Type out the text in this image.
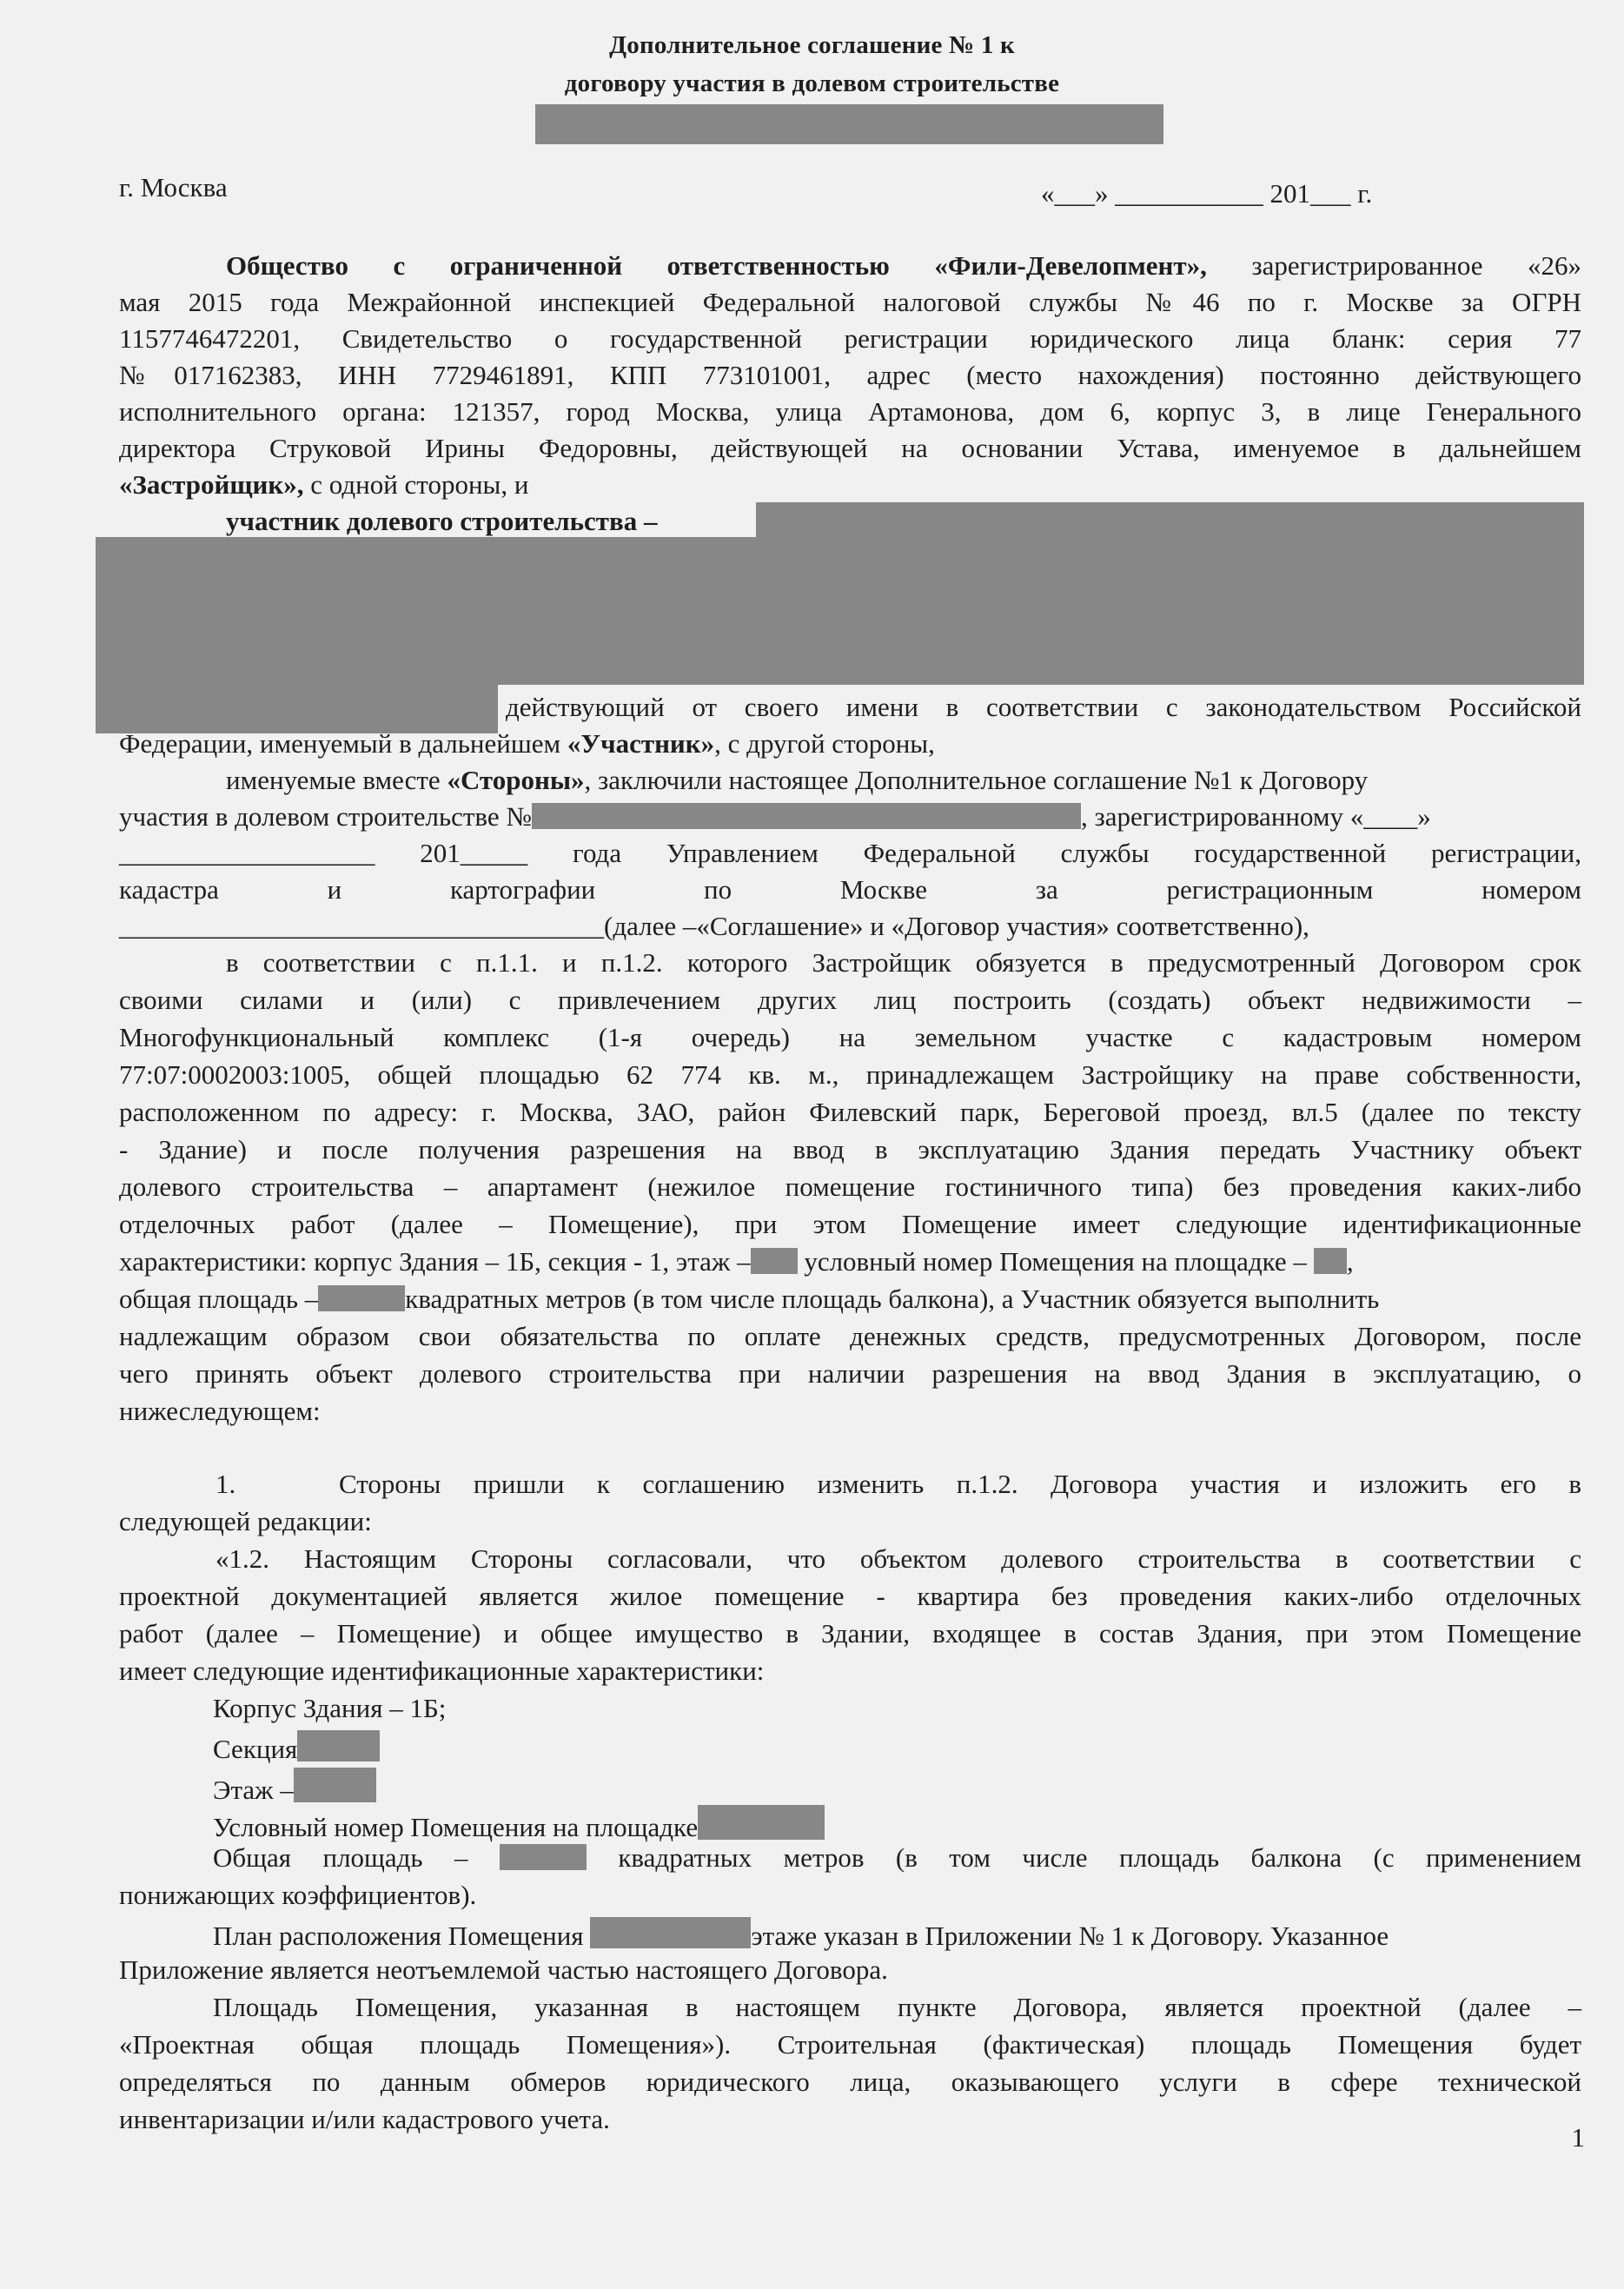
Дополнительное соглашение № 1 к
договору участия в долевом строительстве
г. Москва	«___» ___________ 201___ г.
Общество с ограниченной ответственностью «Фили-Девелопмент», зарегистрированное «26»
мая 2015 года Межрайонной инспекцией Федеральной налоговой службы №46 по г. Москве за ОГРН
1157746472201, Свидетельство о государственной регистрации юридического лица бланк: серия 77
№017162383, ИНН 7729461891, КПП 773101001, адрес (место нахождения) постоянно действующего
исполнительного органа: 121357, город Москва, улица Артамонова, дом 6, корпус 3, в лице Генерального
директора Струковой Ирины Федоровны, действующей на основании Устава, именуемое в дальнейшем
«Застройщик», с одной стороны, и
участник долевого строительства –
действующий от своего имени в соответствии с законодательством Российской
Федерации, именуемый в дальнейшем «Участник», с другой стороны,
именуемые вместе «Стороны», заключили настоящее Дополнительное соглашение №1 к Договору
участия в долевом строительстве №	, зарегистрированному «____»
___________________ 201_____ года Управлением Федеральной службы государственной регистрации,
кадастра и картографии по Москве за регистрационным номером
____________________________________(далее –«Соглашение» и «Договор участия» соответственно),
в соответствии с п.1.1. и п.1.2. которого Застройщик обязуется в предусмотренный Договором срок
своими силами и (или) с привлечением других лиц построить (создать) объект недвижимости –
Многофункциональный комплекс (1-я очередь) на земельном участке с кадастровым номером
77:07:0002003:1005, общей площадью 62 774 кв. м., принадлежащем Застройщику на праве собственности,
расположенном по адресу: г. Москва, ЗАО, район Филевский парк, Береговой проезд, вл.5 (далее по тексту
- Здание) и после получения разрешения на ввод в эксплуатацию Здания передать Участнику объект
долевого строительства – апартамент (нежилое помещение гостиничного типа) без проведения каких-либо
отделочных работ (далее – Помещение), при этом Помещение имеет следующие идентификационные
характеристики: корпус Здания – 1Б, секция - 1, этаж – условный номер Помещения на площадке – ,
общая площадь –	квадратных метров (в том числе площадь балкона), а Участник обязуется выполнить
надлежащим образом свои обязательства по оплате денежных средств, предусмотренных Договором, после
чего принять объект долевого строительства при наличии разрешения на ввод Здания в эксплуатацию, о
нижеследующем:
1.	Стороны пришли к соглашению изменить п.1.2. Договора участия и изложить его в
следующей редакции:
«1.2. Настоящим Стороны согласовали, что объектом долевого строительства в соответствии с
проектной документацией является жилое помещение - квартира без проведения каких-либо отделочных
работ (далее – Помещение) и общее имущество в Здании, входящее в состав Здания, при этом Помещение
имеет следующие идентификационные характеристики:
Корпус Здания – 1Б;
Секция
Этаж –
Условный номер Помещения на площадке
Общая площадь –	квадратных метров (в том числе площадь балкона (с применением
понижающих коэффициентов).
План расположения Помещения	этаже указан в Приложении № 1 к Договору. Указанное
Приложение является неотъемлемой частью настоящего Договора.
Площадь Помещения, указанная в настоящем пункте Договора, является проектной (далее –
«Проектная общая площадь Помещения»). Строительная (фактическая) площадь Помещения будет
определяться по данным обмеров юридического лица, оказывающего услуги в сфере технической
инвентаризации и/или кадастрового учета.
1
